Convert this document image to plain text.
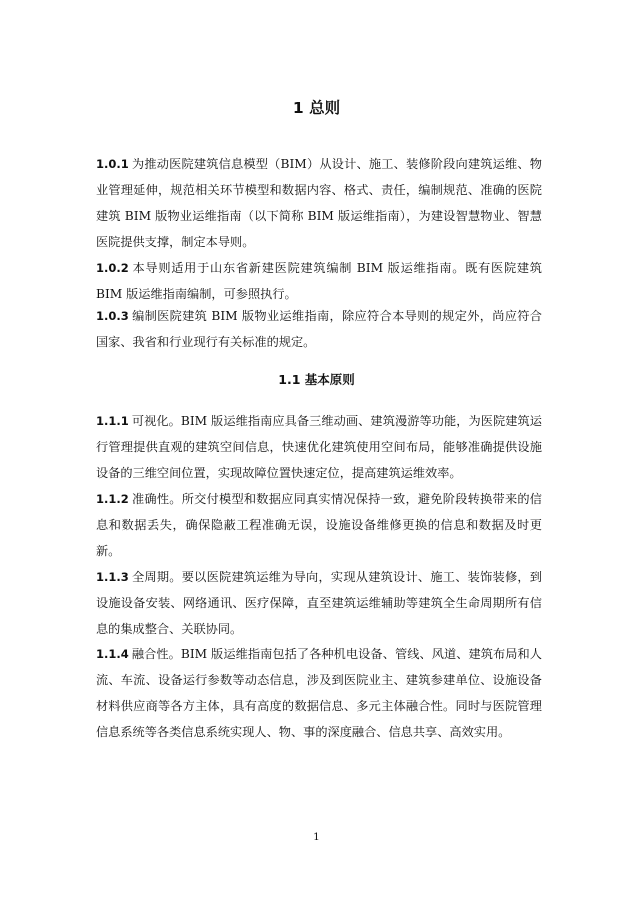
1 总则

1.0.1 为推动医院建筑信息模型（BIM）从设计、施工、装修阶段向建筑运维、物业管理延伸，规范相关环节模型和数据内容、格式、责任，编制规范、准确的医院建筑 BIM 版物业运维指南（以下简称 BIM 版运维指南），为建设智慧物业、智慧医院提供支撑，制定本导则。

1.0.2 本导则适用于山东省新建医院建筑编制 BIM 版运维指南。既有医院建筑 BIM 版运维指南编制，可参照执行。

1.0.3 编制医院建筑 BIM 版物业运维指南，除应符合本导则的规定外，尚应符合国家、我省和行业现行有关标准的规定。

1.1 基本原则

1.1.1 可视化。BIM 版运维指南应具备三维动画、建筑漫游等功能，为医院建筑运行管理提供直观的建筑空间信息，快速优化建筑使用空间布局，能够准确提供设施设备的三维空间位置，实现故障位置快速定位，提高建筑运维效率。

1.1.2 准确性。所交付模型和数据应同真实情况保持一致，避免阶段转换带来的信息和数据丢失，确保隐蔽工程准确无误，设施设备维修更换的信息和数据及时更新。

1.1.3 全周期。要以医院建筑运维为导向，实现从建筑设计、施工、装饰装修，到设施设备安装、网络通讯、医疗保障，直至建筑运维辅助等建筑全生命周期所有信息的集成整合、关联协同。

1.1.4 融合性。BIM 版运维指南包括了各种机电设备、管线、风道、建筑布局和人流、车流、设备运行参数等动态信息，涉及到医院业主、建筑参建单位、设施设备材料供应商等各方主体，具有高度的数据信息、多元主体融合性。同时与医院管理信息系统等各类信息系统实现人、物、事的深度融合、信息共享、高效实用。

1
